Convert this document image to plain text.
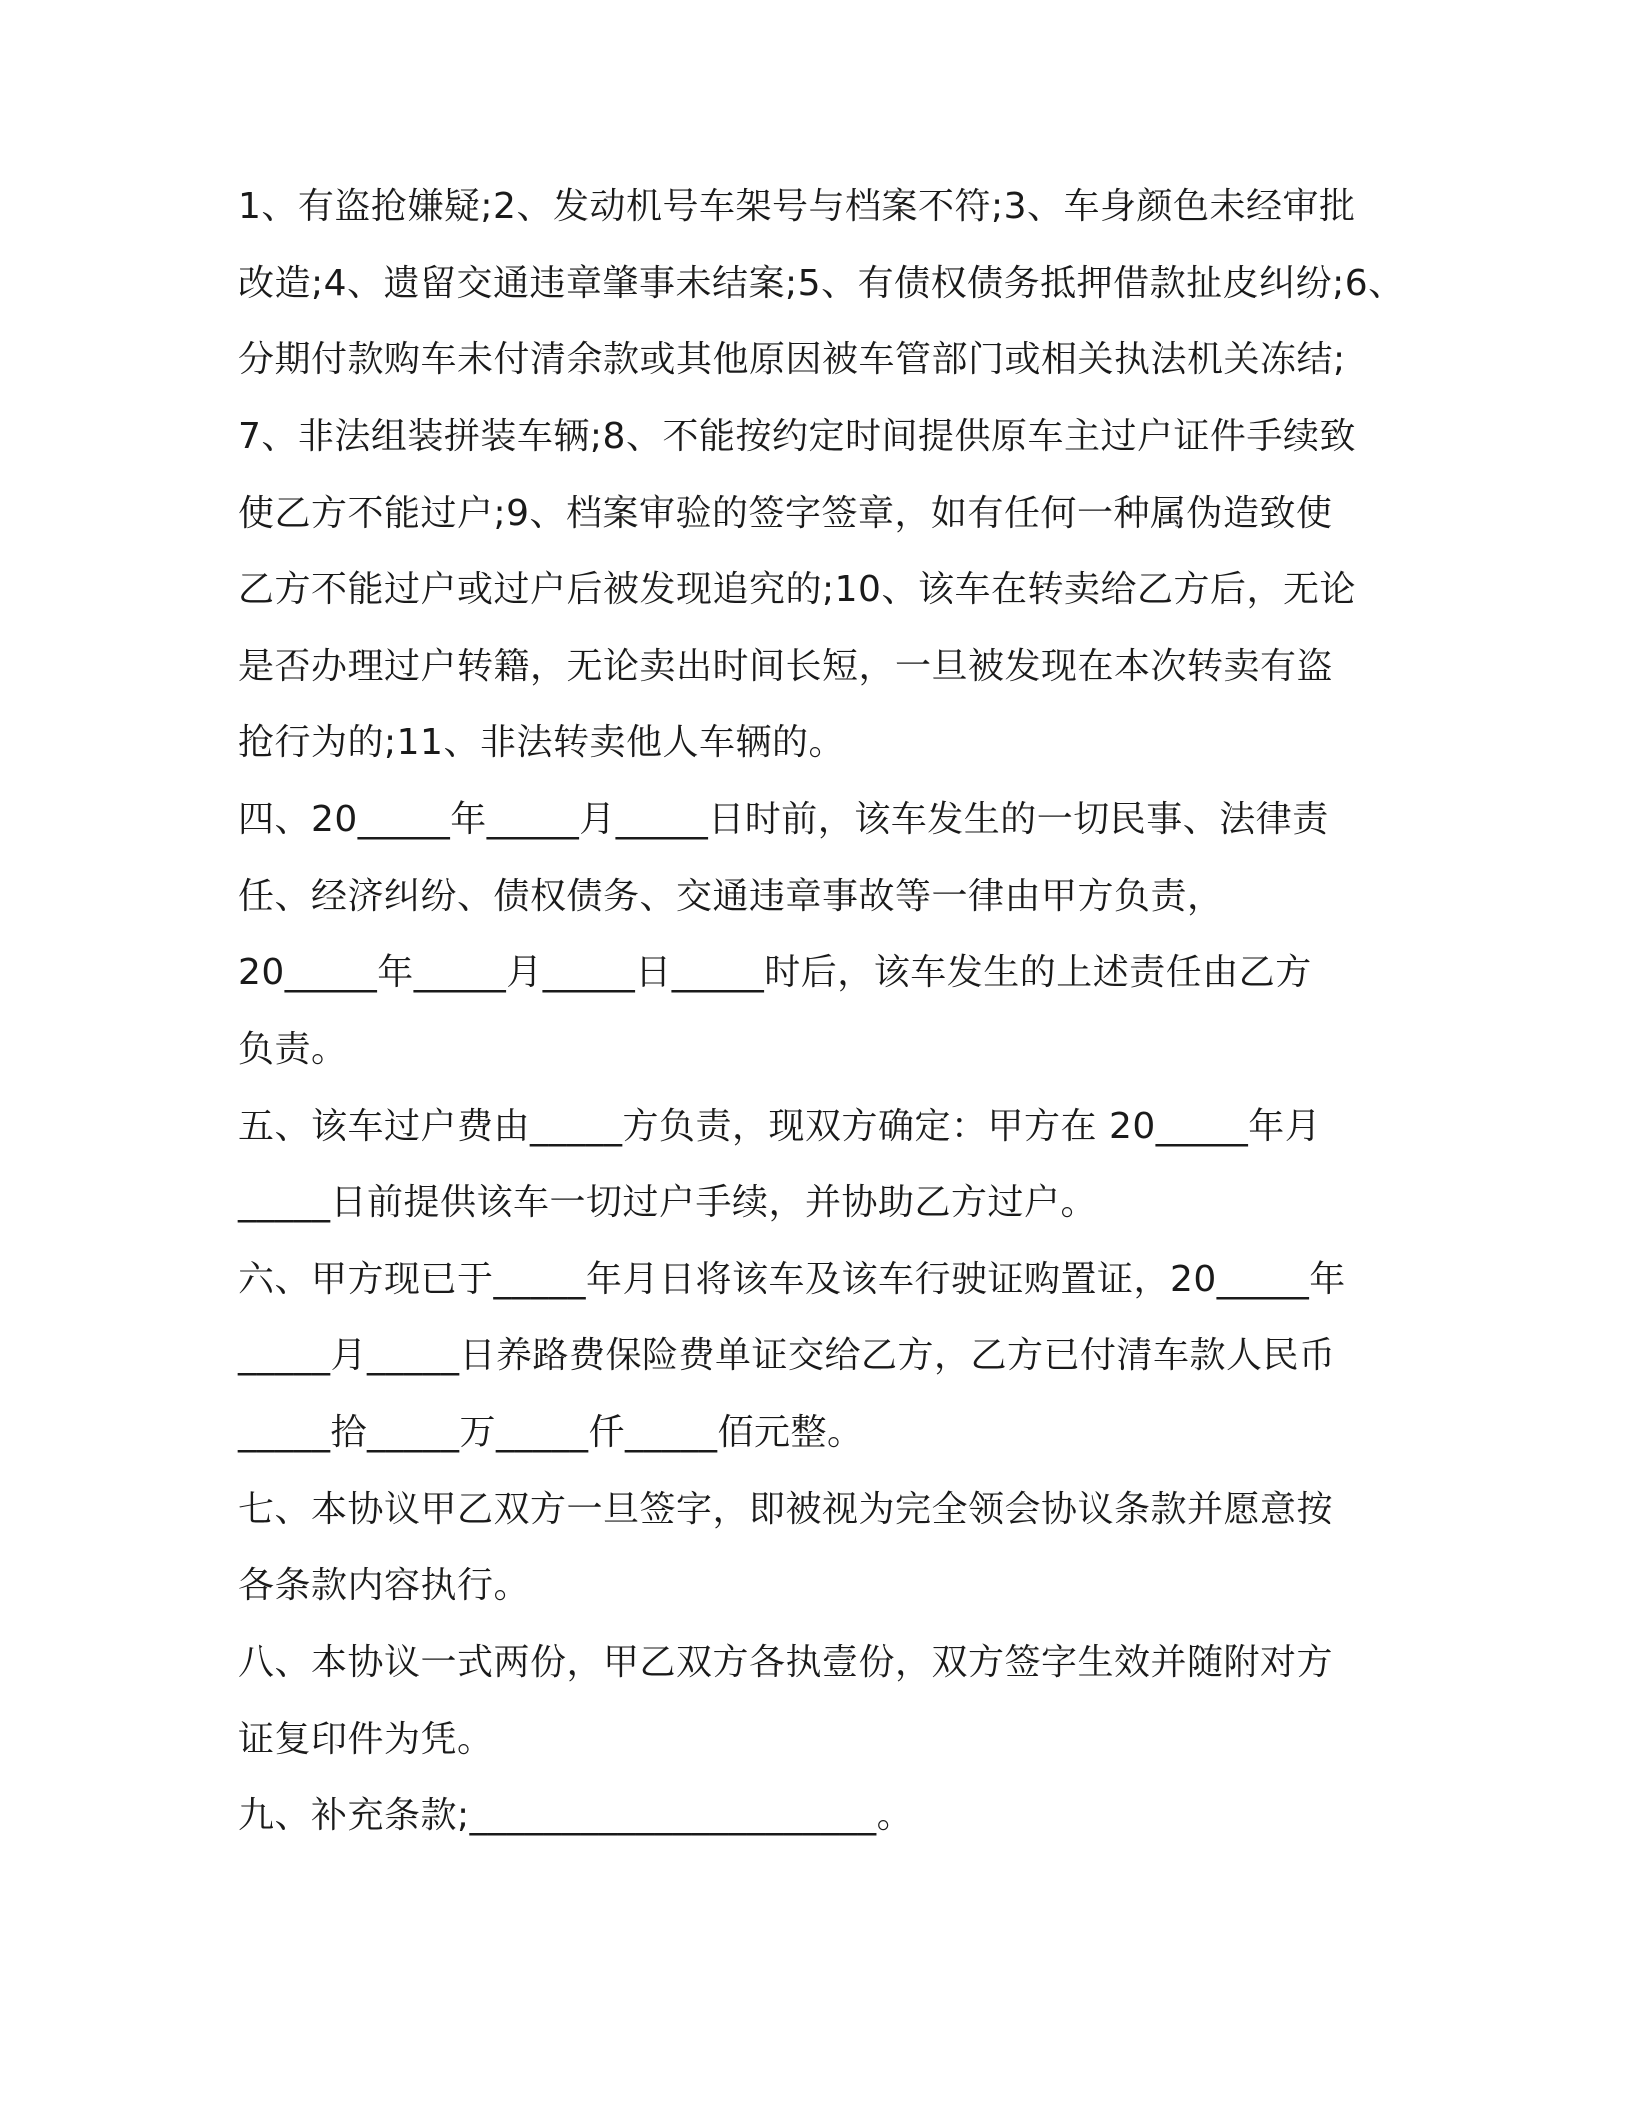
1、有盗抢嫌疑;2、发动机号车架号与档案不符;3、车身颜色未经审批
改造;4、遗留交通违章肇事未结案;5、有债权债务抵押借款扯皮纠纷;6、
分期付款购车未付清余款或其他原因被车管部门或相关执法机关冻结;
7、非法组装拼装车辆;8、不能按约定时间提供原车主过户证件手续致
使乙方不能过户;9、档案审验的签字签章，如有任何一种属伪造致使
乙方不能过户或过户后被发现追究的;10、该车在转卖给乙方后，无论
是否办理过户转籍，无论卖出时间长短，一旦被发现在本次转卖有盗
抢行为的;11、非法转卖他人车辆的。
四、20_____年_____月_____日时前，该车发生的一切民事、法律责
任、经济纠纷、债权债务、交通违章事故等一律由甲方负责，
20_____年_____月_____日_____时后，该车发生的上述责任由乙方
负责。
五、该车过户费由_____方负责，现双方确定：甲方在 20_____年月
_____日前提供该车一切过户手续，并协助乙方过户。
六、甲方现已于_____年月日将该车及该车行驶证购置证，20_____年
_____月_____日养路费保险费单证交给乙方，乙方已付清车款人民币
_____拾_____万_____仟_____佰元整。
七、本协议甲乙双方一旦签字，即被视为完全领会协议条款并愿意按
各条款内容执行。
八、本协议一式两份，甲乙双方各执壹份，双方签字生效并随附对方
证复印件为凭。
九、补充条款;______________________。
